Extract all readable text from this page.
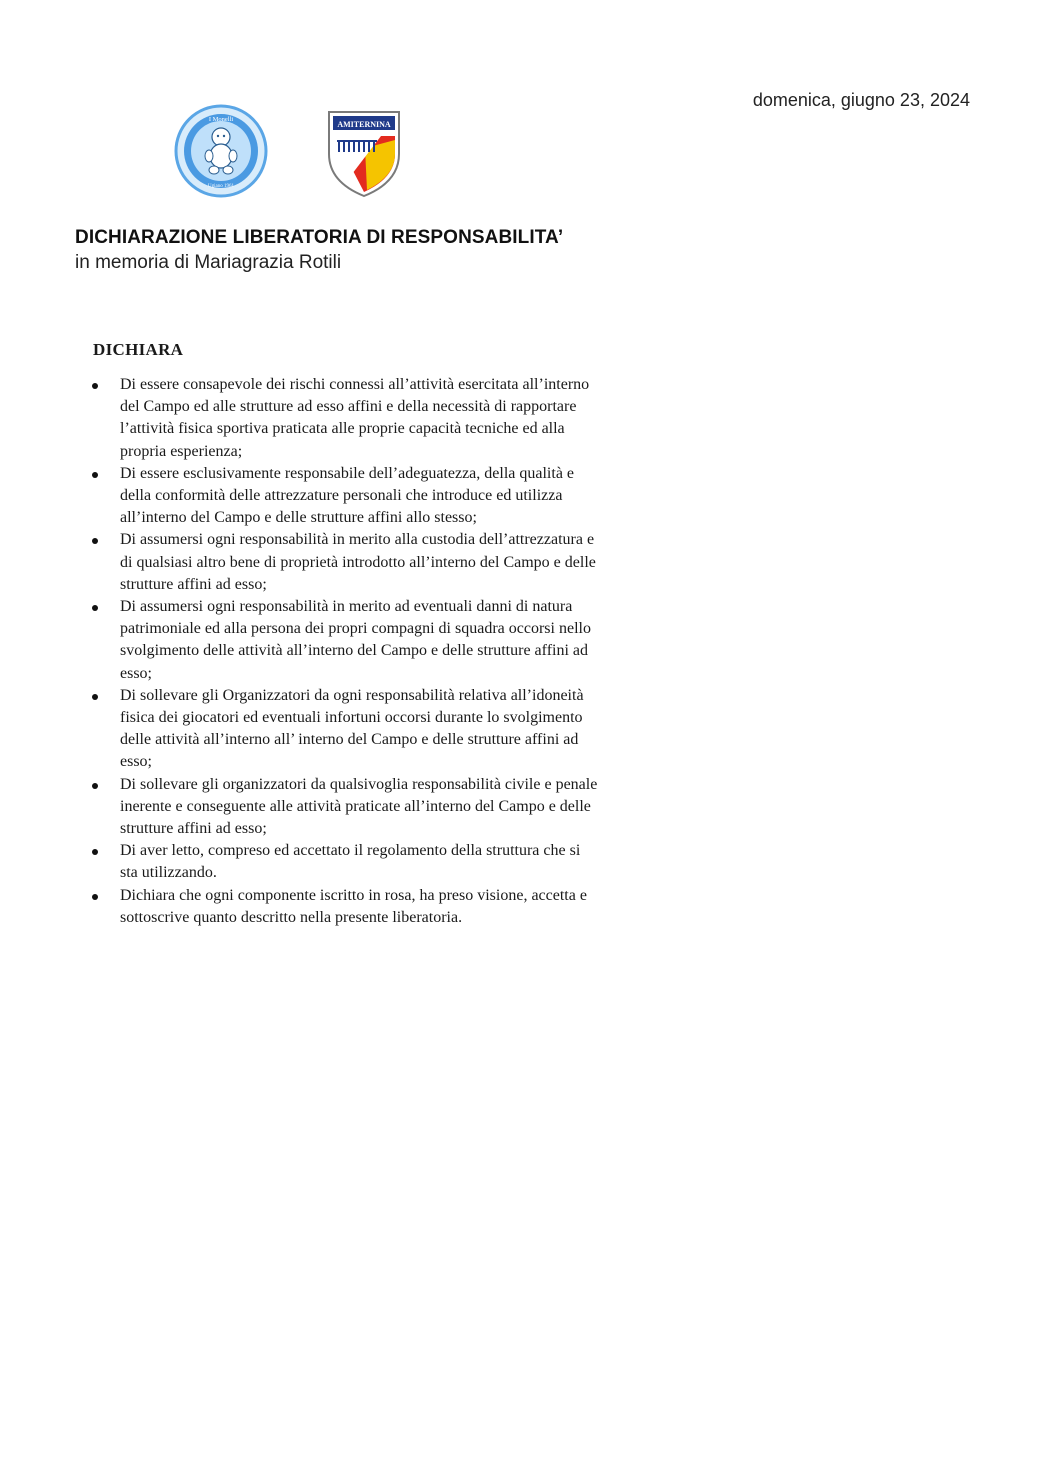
domenica, giugno 23, 2024
I Monelli
Ugiano 1961
AMITERNINA
DICHIARAZIONE LIBERATORIA DI RESPONSABILITA’
in memoria di Mariagrazia Rotili
DICHIARA
Di essere consapevole dei rischi connessi all’attività esercitata all’interno del Campo ed alle strutture ad esso affini e della necessità di rapportare l’attività fisica sportiva praticata alle proprie capacità tecniche ed alla propria esperienza;
Di essere esclusivamente responsabile dell’adeguatezza, della qualità e della conformità delle attrezzature personali che introduce ed utilizza all’interno del Campo e delle strutture affini allo stesso;
Di assumersi ogni responsabilità in merito alla custodia dell’attrezzatura e di qualsiasi altro bene di proprietà introdotto all’interno del Campo e delle strutture affini ad esso;
Di assumersi ogni responsabilità in merito ad eventuali danni di natura patrimoniale ed alla persona dei propri compagni di squadra occorsi nello svolgimento delle attività all’interno del Campo e delle strutture affini ad esso;
Di sollevare gli Organizzatori da ogni responsabilità relativa all’idoneità fisica dei giocatori ed eventuali infortuni occorsi durante lo svolgimento delle attività all’interno all’ interno del Campo e delle strutture affini ad esso;
Di sollevare gli organizzatori da qualsivoglia responsabilità civile e penale inerente e conseguente alle attività praticate all’interno del Campo e delle strutture affini ad esso;
Di aver letto, compreso ed accettato il regolamento della struttura che si sta utilizzando.
Dichiara che ogni componente iscritto in rosa, ha preso visione, accetta e sottoscrive quanto descritto nella presente liberatoria.
